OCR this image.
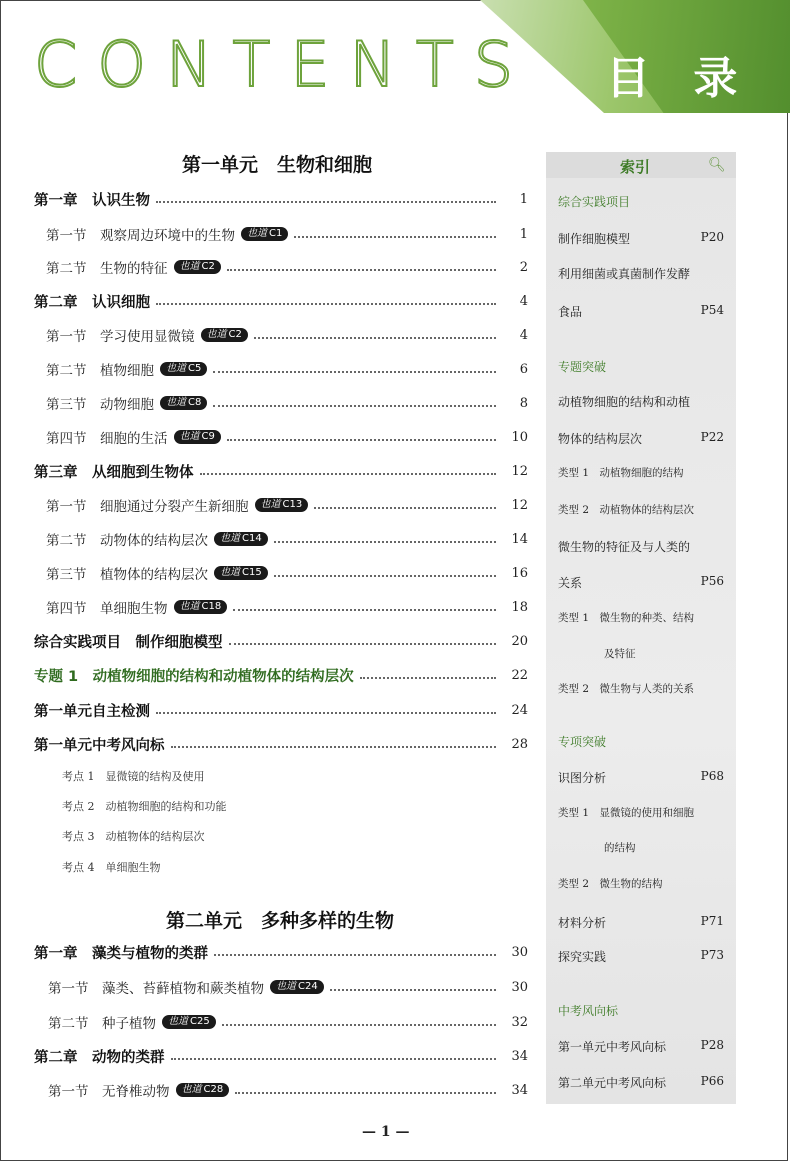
CONTENTS 目 录
第一单元　生物和细胞
第二单元　多种多样的生物
第一章　认识生物	1
第一节　观察周边环境中的生物	也道 C1	1
第二节　生物的特征	也道 C2	2
第二章　认识细胞	4
第一节　学习使用显微镜	也道 C2	4
第二节　植物细胞	也道 C5	6
第三节　动物细胞	也道 C8	8
第四节　细胞的生活	也道 C9	10
第三章　从细胞到生物体	12
第一节　细胞通过分裂产生新细胞	也道 C13	12
第二节　动物体的结构层次	也道 C14	14
第三节　植物体的结构层次	也道 C15	16
第四节　单细胞生物	也道 C18	18
综合实践项目　制作细胞模型	20
专题 1　动植物细胞的结构和动植物体的结构层次	22
第一单元自主检测	24
第一单元中考风向标	28
第一章　藻类与植物的类群	30
第一节　藻类、苔藓植物和蕨类植物	也道 C24	30
第二节　种子植物	也道 C25	32
第二章　动物的类群	34
第一节　无脊椎动物	也道 C28	34
考点 1　显微镜的结构及使用
考点 2　动植物细胞的结构和功能
考点 3　动植物体的结构层次
考点 4　单细胞生物
索引	🔍︎
综合实践项目
制作细胞模型	P20
利用细菌或真菌制作发酵
食品	P54
专题突破
动植物细胞的结构和动植
物体的结构层次	P22
类型 1　动植物细胞的结构
类型 2　动植物体的结构层次
微生物的特征及与人类的
关系	P56
类型 1　微生物的种类、结构
及特征
类型 2　微生物与人类的关系
专项突破
识图分析	P68
类型 1　显微镜的使用和细胞
的结构
类型 2　微生物的结构
材料分析	P71
探究实践	P73
中考风向标
第一单元中考风向标	P28
第二单元中考风向标	P66
— 1 —
